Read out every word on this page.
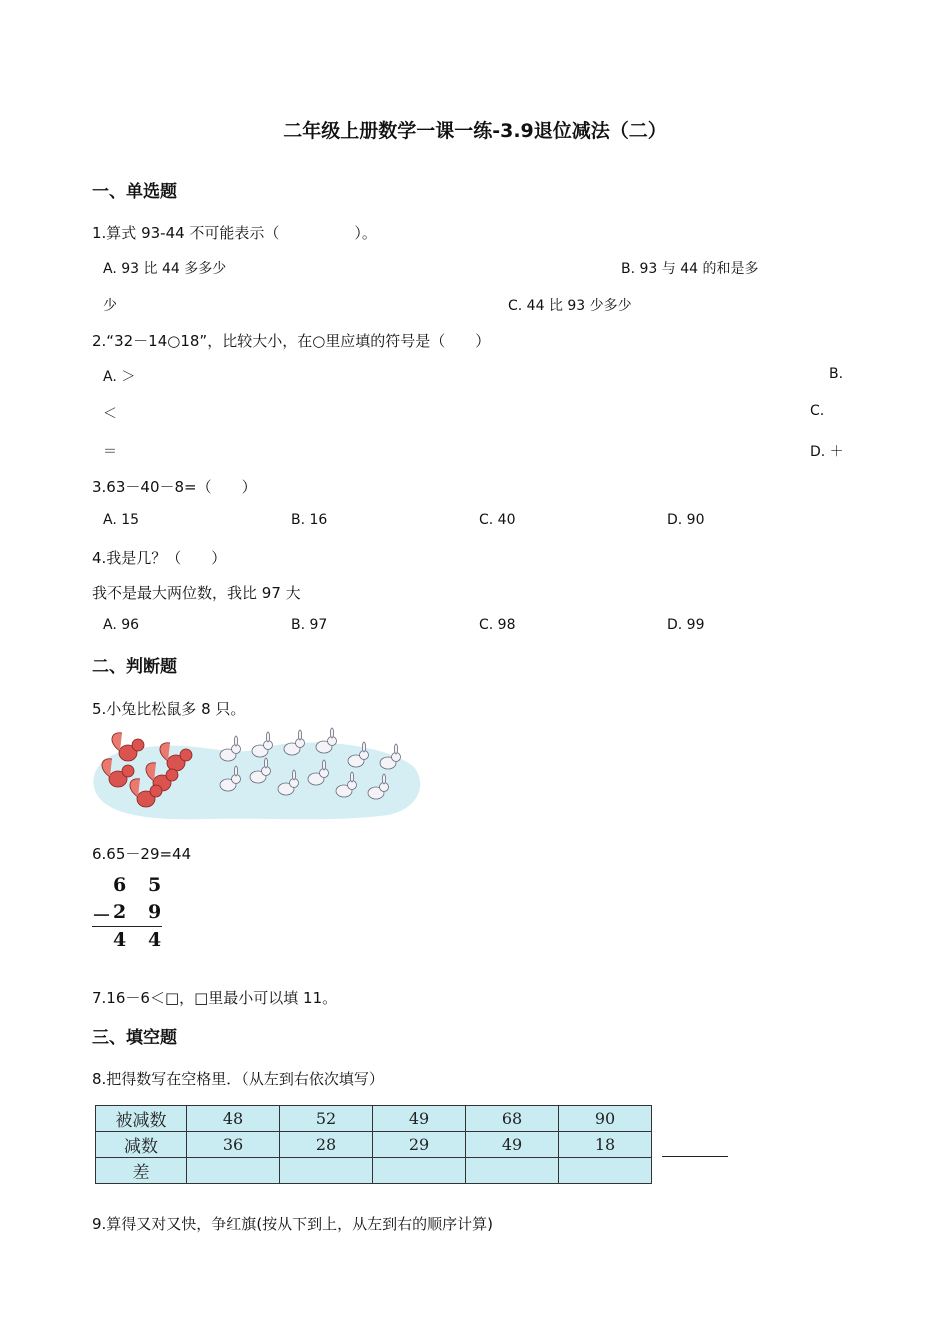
二年级上册数学一课一练-3.9退位减法（二）
一、单选题
1.算式 93-44 不可能表示（　　　　　）。
A. 93 比 44 多多少	B. 93 与 44 的和是多
少	C. 44 比 93 少多少
2.“32－14○18”，比较大小，在○里应填的符号是（　　）
A. ＞	B.
＜	C.
＝	D. ＋
3.63－40－8=（　　）
A. 15	B. 16	C. 40	D. 90
4.我是几？（　　）
我不是最大两位数，我比 97 大
A. 96	B. 97	C. 98	D. 99
二、判断题
5.小兔比松鼠多 8 只。
6.65－29=44
6 5
－ 2 9
4 4
7.16－6＜□，□里最小可以填 11。
三、填空题
8.把得数写在空格里．（从左到右依次填写）
被减数	48	52	49	68	90
减数	36	28	29	49	18
差					
9.算得又对又快，争红旗(按从下到上，从左到右的顺序计算)
